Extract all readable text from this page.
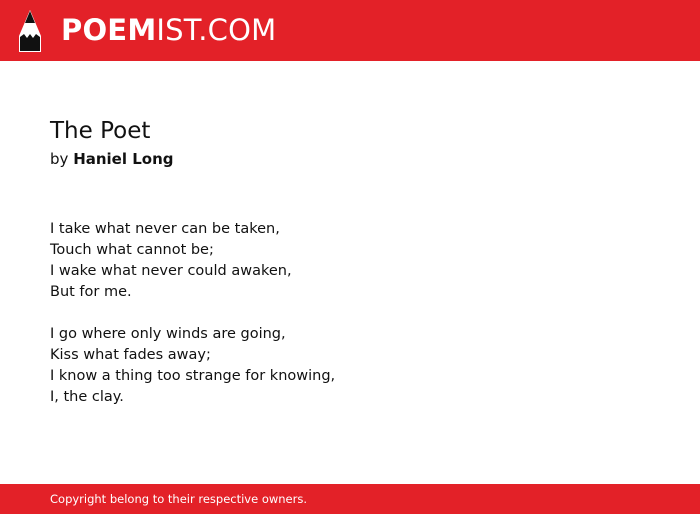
POEM IST.COM
The Poet
by Haniel Long
I take what never can be taken,
Touch what cannot be;
I wake what never could awaken,
But for me.
I go where only winds are going,
Kiss what fades away;
I know a thing too strange for knowing,
I, the clay.
Copyright belong to their respective owners.
